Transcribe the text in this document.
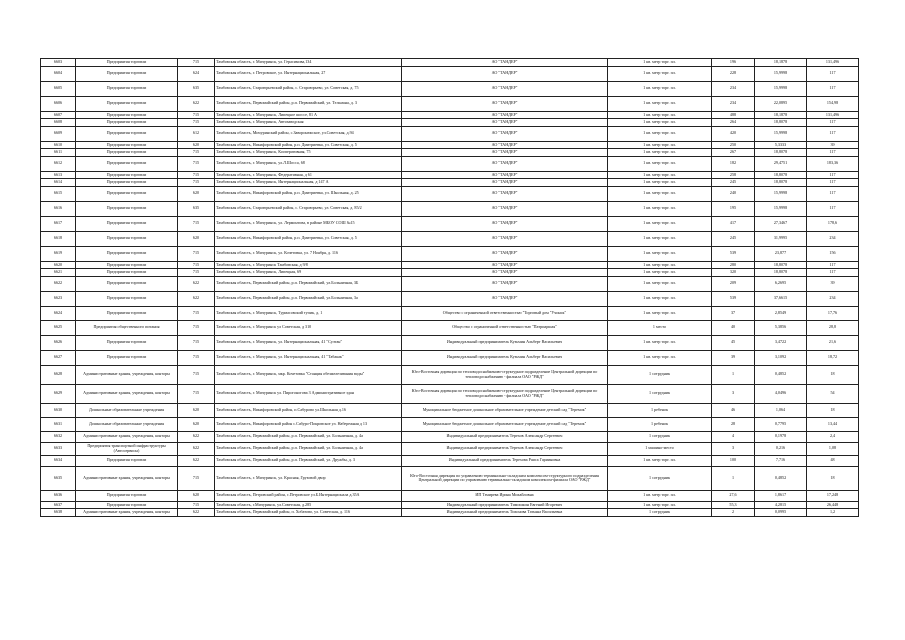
6603	Предприятия торговли	715	Тамбовская область, г. Мичуринск, ул. Герасимова,134	АО "ТАНДЕР"	1 кв. метр торг. пл.	196	18,1878	131,496
6604	Предприятия торговли	624	Тамбовская область, г. Петровское, ул. Интернациональная, 27	АО "ТАНДЕР"	1 кв. метр торг. пл.	228	15,9998	117
6605	Предприятия торговли	635	Тамбовская область, Староюрьевский район, с. Староюрьево, ул. Советская, д. 75	АО "ТАНДЕР"	1 кв. метр торг. пл.	234	15,9998	117
6606	Предприятия торговли	622	Тамбовская область, Первомайский район, р.п. Первомайский, ул. Тельмана, д. 3	АО "ТАНДЕР"	1 кв. метр торг. пл.	234	22,0895	154,98
6607	Предприятия торговли	715	Тамбовская область, г. Мичуринск, Липецкое шоссе, 81 А	АО "ТАНДЕР"	1 кв. метр торг. пл.	488	18,1878	131,496
6608	Предприятия торговли	715	Тамбовская область, г. Мичуринск, Автозаводская	АО "ТАНДЕР"	1 кв. метр торг. пл.	264	18,8078	117
6609	Предприятия торговли	612	Тамбовская область, Мичуринский район, с.Заворонежское, ул.Советская, д.94	АО "ТАНДЕР"	1 кв. метр торг. пл.	420	15,9998	117
6610	Предприятия торговли	620	Тамбовская область, Никифоровский район, р.п. Дмитриевка, ул. Советская, д. 5	АО "ТАНДЕР"	1 кв. метр торг. пл.	250	5,3333	39
6611	Предприятия торговли	715	Тамбовская область, г. Мичуринск, Кооперативная, 75	АО "ТАНДЕР"	1 кв. метр торг. пл.	267	18,8078	117
6612	Предприятия торговли	715	Тамбовская область, г. Мичуринск, ул.Л.Шосса, 68	АО "ТАНДЕР"	1 кв. метр торг. пл.	182	29,4751	183,36
6613	Предприятия торговли	715	Тамбовская область, г. Мичуринск, Федеративная, д 61	АО "ТАНДЕР"	1 кв. метр торг. пл.	258	18,8078	117
6614	Предприятия торговли	715	Тамбовская область, г. Мичуринск, Интернациональная, д 147 А	АО "ТАНДЕР"	1 кв. метр торг. пл.	245	18,8078	117
6615	Предприятия торговли	620	Тамбовская область, Никифоровский район, р.п. Дмитриевка, ул. Школьная, д. 25	АО "ТАНДЕР"	1 кв. метр торг. пл.	240	15,9998	117
6616	Предприятия торговли	635	Тамбовская область, Староюрьевский район, с. Староюрьево, ул. Советская, д. 85/2	АО "ТАНДЕР"	1 кв. метр торг. пл.	195	15,9998	117
6617	Предприятия торговли	715	Тамбовская область, г. Мичуринск, ул. Лермонтова, в районе МБОУ СОШ №15	АО "ТАНДЕР"	1 кв. метр торг. пл.	417	27,3467	178,6
6618	Предприятия торговли	620	Тамбовская область, Никифоровский район, р.п. Дмитриевка, ул. Советская, д. 5	АО "ТАНДЕР"	1 кв. метр торг. пл.	245	31,9995	234
6619	Предприятия торговли	715	Тамбовская область, г. Мичуринск, ул. Кочетовка, ул. 7 Ноября, д. 116	АО "ТАНДЕР"	1 кв. метр торг. пл.	539	23,877	156
6620	Предприятия торговли	715	Тамбовская область, г. Мичуринск Тамбовская, д 9/8	АО "ТАНДЕР"	1 кв. метр торг. пл.	280	18,8078	117
6621	Предприятия торговли	715	Тамбовская область, г. Мичуринск, Липецкая, 69	АО "ТАНДЕР"	1 кв. метр торг. пл.	320	18,8078	117
6622	Предприятия торговли	622	Тамбовская область, Первомайский район, р.п. Первомайский, ул.Больничная, 3Б	АО "ТАНДЕР"	1 кв. метр торг. пл.	209	6,2695	39
6623	Предприятия торговли	622	Тамбовская область, Первомайский район, р.п. Первомайский, ул.Больничная, 3а	АО "ТАНДЕР"	1 кв. метр торг. пл.	539	37,6615	234
6624	Предприятия торговли	715	Тамбовская область, г. Мичуринск, Турмасовский тупик, д. 1	Общество с ограниченной ответственностью "Торговый дом "Учинск"	1 кв. метр торг. пл.	37	2,8549	17,76
6625	Предприятия общественного питания	715	Тамбовская область, г. Мичуринск ул Советская, д 310	Общество с ограниченной ответственностью "Патриаршая"	1 место	40	5,3856	28,8
6626	Предприятия торговли	715	Тамбовская область, г. Мичуринск, ул. Интернациональная, 41 "Султан"	Индивидуальный предприниматель Кузьмин Альберт Васильевич	1 кв. метр торг. пл.	45	3,4722	21,6
6627	Предприятия торговли	715	Тамбовская область, г. Мичуринск, ул. Интернациональная, 41 "Табакак"	Индивидуальный предприниматель Кузьмин Альберт Васильевич	1 кв. метр торг. пл.	39	3,1092	18,72
6628	Административные здания, учреждения, конторы	715	Тамбовская область, г. Мичуринск, мкр. Кочетовка "Станция обезжелезивания воды"	Юго-Восточная дирекция по тепловодоснабжению-структурное подразделение Центральной дирекции по тепловодоснабжению - филиала ОАО "РЖД"	1 сотрудник	1	0,4852	18
6629	Административные здания, учреждения, конторы	715	Тамбовская область, г. Мичуринск ул. Пирогоногова 3 Административное здан	Юго-Восточная дирекция по тепловодоснабжению-структурное подразделение Центральной дирекции по тепловодоснабжению - филиала ОАО "РЖД"	1 сотрудник	3	4,0496	54
6630	Дошкольные образовательные учреждения	620	Тамбовская область, Никифоровский район, п.Сабурово ул.Школьная д.16	Муниципальное бюджетное дошкольное образовательное учреждение детский сад "Теремок"	1 ребенок	46	1,064	18
6631	Дошкольные образовательные учреждения	620	Тамбовская область, Никифоровский район с.Сабуро-Покровское ул. Набережная д 13	Муниципальное бюджетное дошкольное образовательное учреждение детский сад "Теремок"	1 ребенок	28	0,7795	13,44
6632	Административные здания, учреждения, конторы	622	Тамбовская область, Первомайский район, р.п. Первомайский, ул. Больничная, д. 4а	Индивидуальный предприниматель Терехов Александр Сергеевич	1 сотрудник	4	0,1978	2,4
6633	Предприятия транспортной инфраструктуры (Автосервисы)	622	Тамбовская область, Первомайский район, р.п. Первомайский, ул. Больничная, д. 4а	Индивидуальный предприниматель Терехов Александр Сергеевич	1 машино-место	3	0,216	1,08
6634	Предприятия торговли	622	Тамбовская область, Первомайский район, р.п. Первомайский, ул. Дружбы, д. 3	Индивидуальный предприниматель Терехова Раиса Гарииновна	1 кв. метр торг. пл.	100	7,716	48
6635	Административные здания, учреждения, конторы	715	Тамбовская область, г. Мичуринск, ул. Красная, Грузовой двор	Юго-Восточная дирекция по управлению терминально-складским комплексом-структурного подразделения Центральной дирекции по управлению терминально-складским комплексом-филиала ОАО "РЖД"	1 сотрудник	1	0,4852	18
6636	Предприятия торговли	620	Тамбовская область, Петровский район, с.Петровское ул.Б.Интернационала д.35А	ИП Тенирева Ирина Михайловна	1 кв. метр торг. пл.	27,6	1,8617	17,248
6637	Предприятия торговли	715	Тамбовская область, г.Мичуринск, ул.Советская, д.285	Индивидуальный предприниматель Тимошкин Евгений Игоревич	1 кв. метр торг. пл.	55,3	4,2815	26,448
6638	Административные здания, учреждения, конторы	622	Тамбовская область, Первомайский район, п. Хобатово, ул. Советская, д. 116	Индивидуальный предприниматель Тихонова Татьяна Васильевна	1 сотрудник	2	0,0995	1,2
